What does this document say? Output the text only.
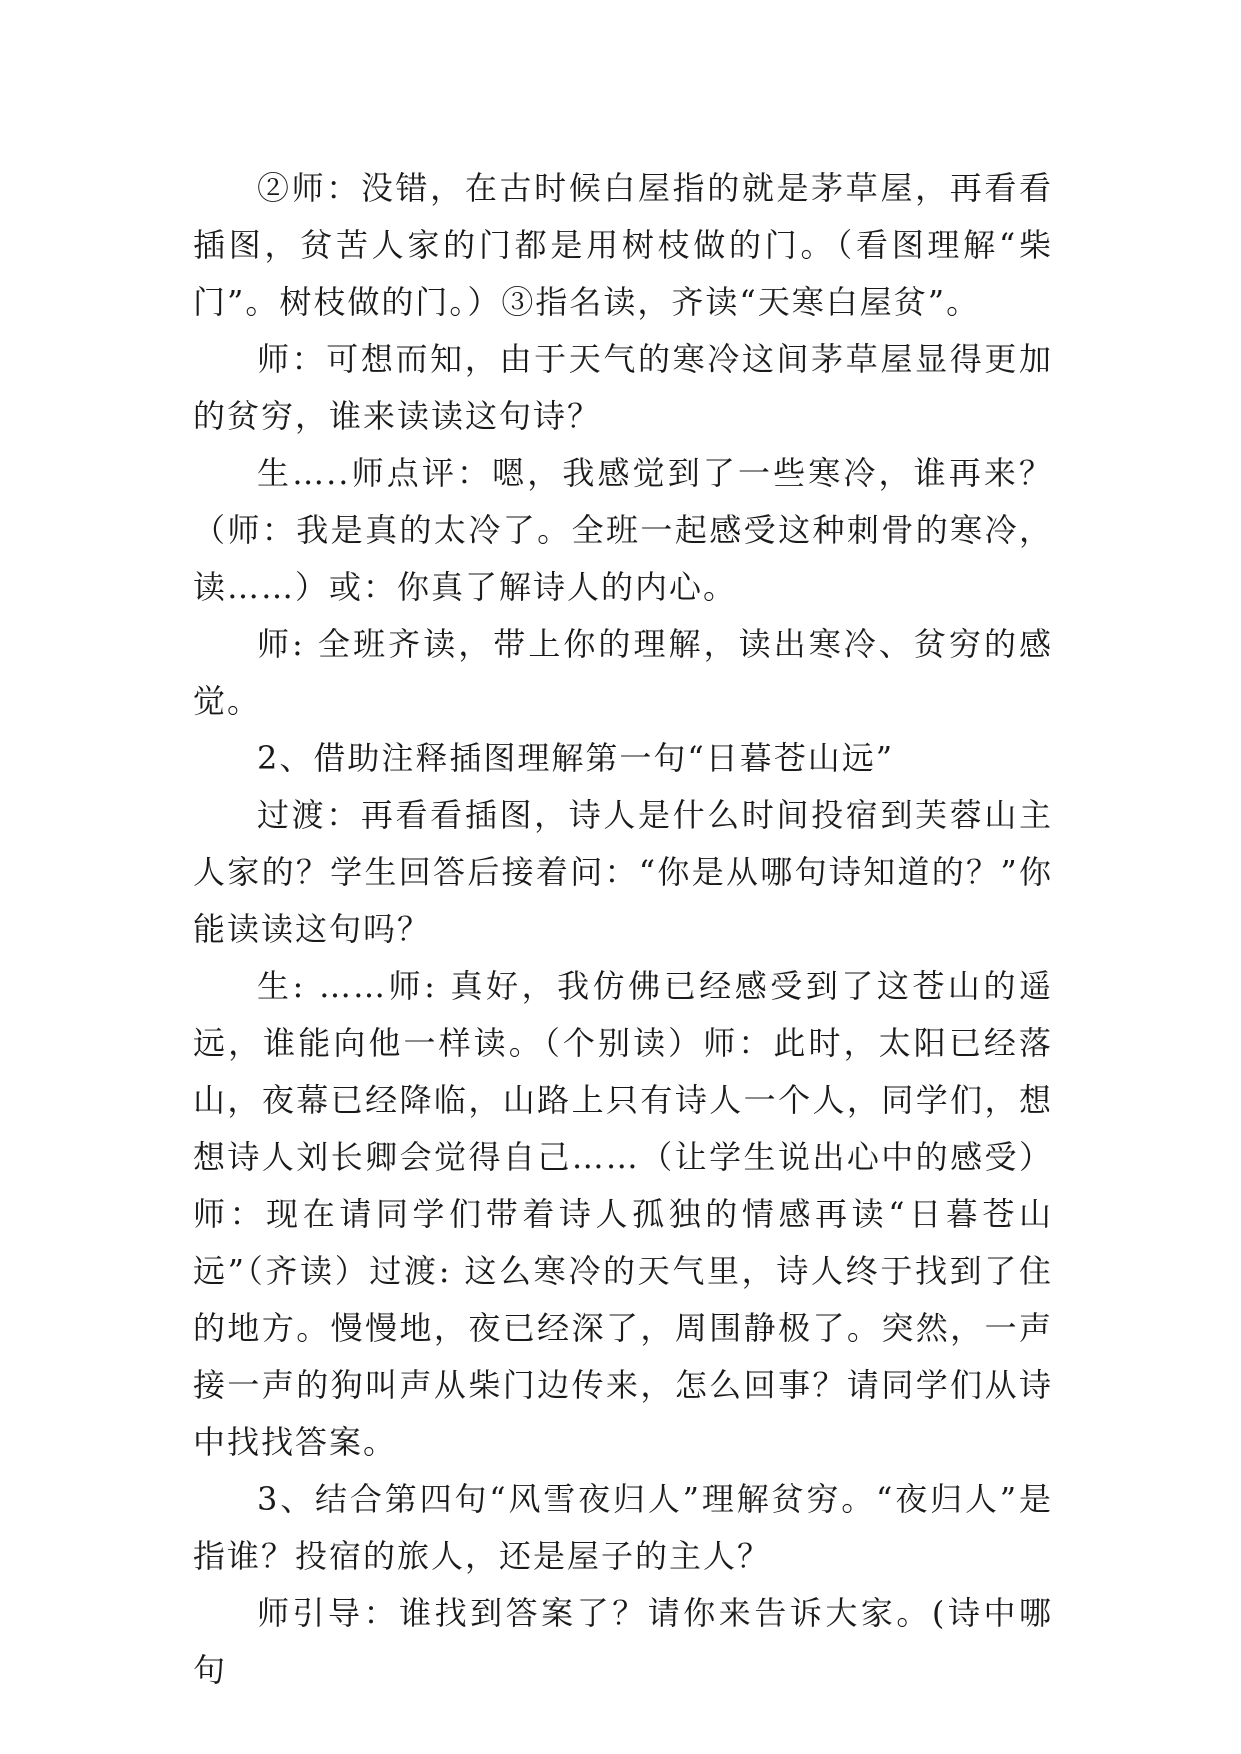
②师：没错，在古时候白屋指的就是茅草屋，再看看插图，贫苦人家的门都是用树枝做的门。（看图理解“柴门”。树枝做的门。）③指名读，齐读“天寒白屋贫”。

师：可想而知，由于天气的寒冷这间茅草屋显得更加的贫穷，谁来读读这句诗？

生…..师点评：嗯，我感觉到了一些寒冷，谁再来？（师：我是真的太冷了。全班一起感受这种刺骨的寒冷，读……）或：你真了解诗人的内心。

师: 全班齐读，带上你的理解，读出寒冷、贫穷的感觉。

2、借助注释插图理解第一句“日暮苍山远”

过渡：再看看插图，诗人是什么时间投宿到芙蓉山主人家的？学生回答后接着问：“你是从哪句诗知道的？”你能读读这句吗？

生: ……师: 真好，我仿佛已经感受到了这苍山的遥远，谁能向他一样读。（个别读）师：此时，太阳已经落山，夜幕已经降临，山路上只有诗人一个人，同学们，想想诗人刘长卿会觉得自己……（让学生说出心中的感受）师：现在请同学们带着诗人孤独的情感再读“日暮苍山远”（齐读）过渡: 这么寒冷的天气里，诗人终于找到了住的地方。慢慢地，夜已经深了，周围静极了。突然，一声接一声的狗叫声从柴门边传来，怎么回事？请同学们从诗中找找答案。

3、结合第四句“风雪夜归人”理解贫穷。“夜归人”是指谁？投宿的旅人，还是屋子的主人？

师引导：谁找到答案了？请你来告诉大家。(诗中哪句
